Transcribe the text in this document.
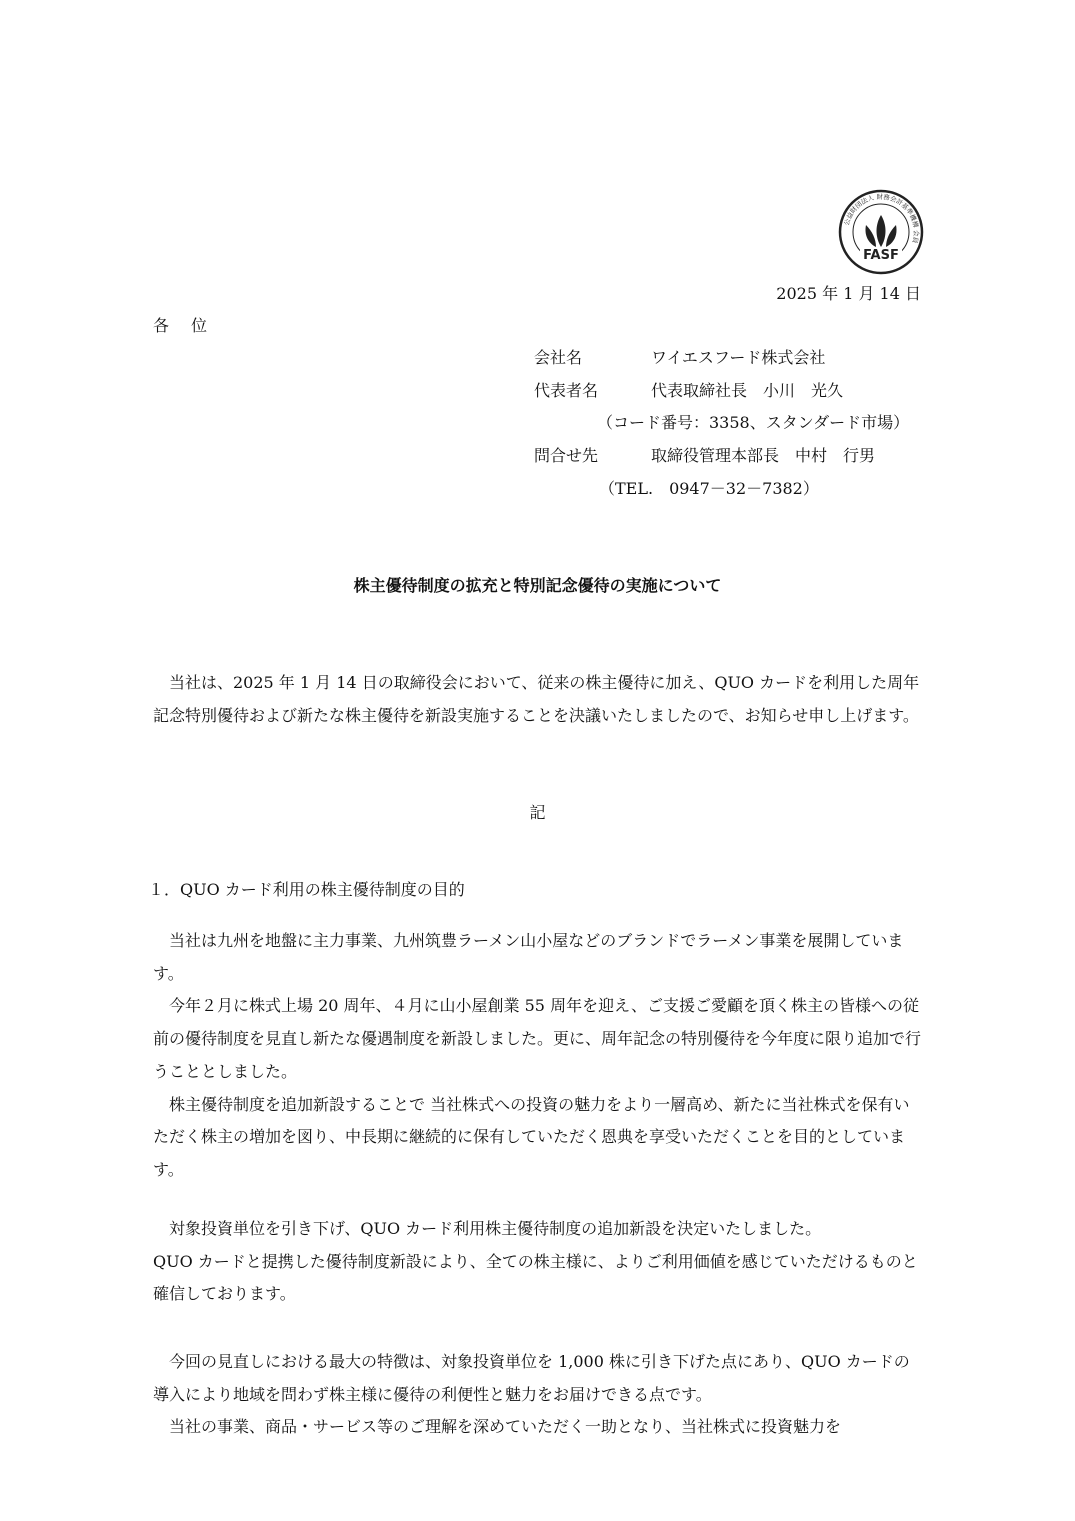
公益財団法人 財務会計基準機構 会員
FASF
2025 年 1 月 14 日
各 位
会社名	ワイエスフード株式会社
代表者名	代表取締社長　小川　光久
（コード番号：3358、スタンダード市場）
問合せ先	取締役管理本部長　中村　行男
（TEL.　0947－32－7382）
株主優待制度の拡充と特別記念優待の実施について

当社は、2025 年 1 月 14 日の取締役会において、従来の株主優待に加え、QUO カードを利用した周年記念特別優待および新たな株主優待を新設実施することを決議いたしましたので、お知らせ申し上げます。

記
１．QUO カード利用の株主優待制度の目的

当社は九州を地盤に主力事業、九州筑豊ラーメン山小屋などのブランドでラーメン事業を展開しています。

今年２月に株式上場 20 周年、４月に山小屋創業 55 周年を迎え、ご支援ご愛顧を頂く株主の皆様への従前の優待制度を見直し新たな優遇制度を新設しました。更に、周年記念の特別優待を今年度に限り追加で行うこととしました。

株主優待制度を追加新設することで 当社株式への投資の魅力をより一層高め、新たに当社株式を保有いただく株主の増加を図り、中長期に継続的に保有していただく恩典を享受いただくことを目的としています。

対象投資単位を引き下げ、QUO カード利用株主優待制度の追加新設を決定いたしました。

QUO カードと提携した優待制度新設により、全ての株主様に、よりご利用価値を感じていただけるものと確信しております。

今回の見直しにおける最大の特徴は、対象投資単位を 1,000 株に引き下げた点にあり、QUO カードの導入により地域を問わず株主様に優待の利便性と魅力をお届けできる点です。

当社の事業、商品・サービス等のご理解を深めていただく一助となり、当社株式に投資魅力を
